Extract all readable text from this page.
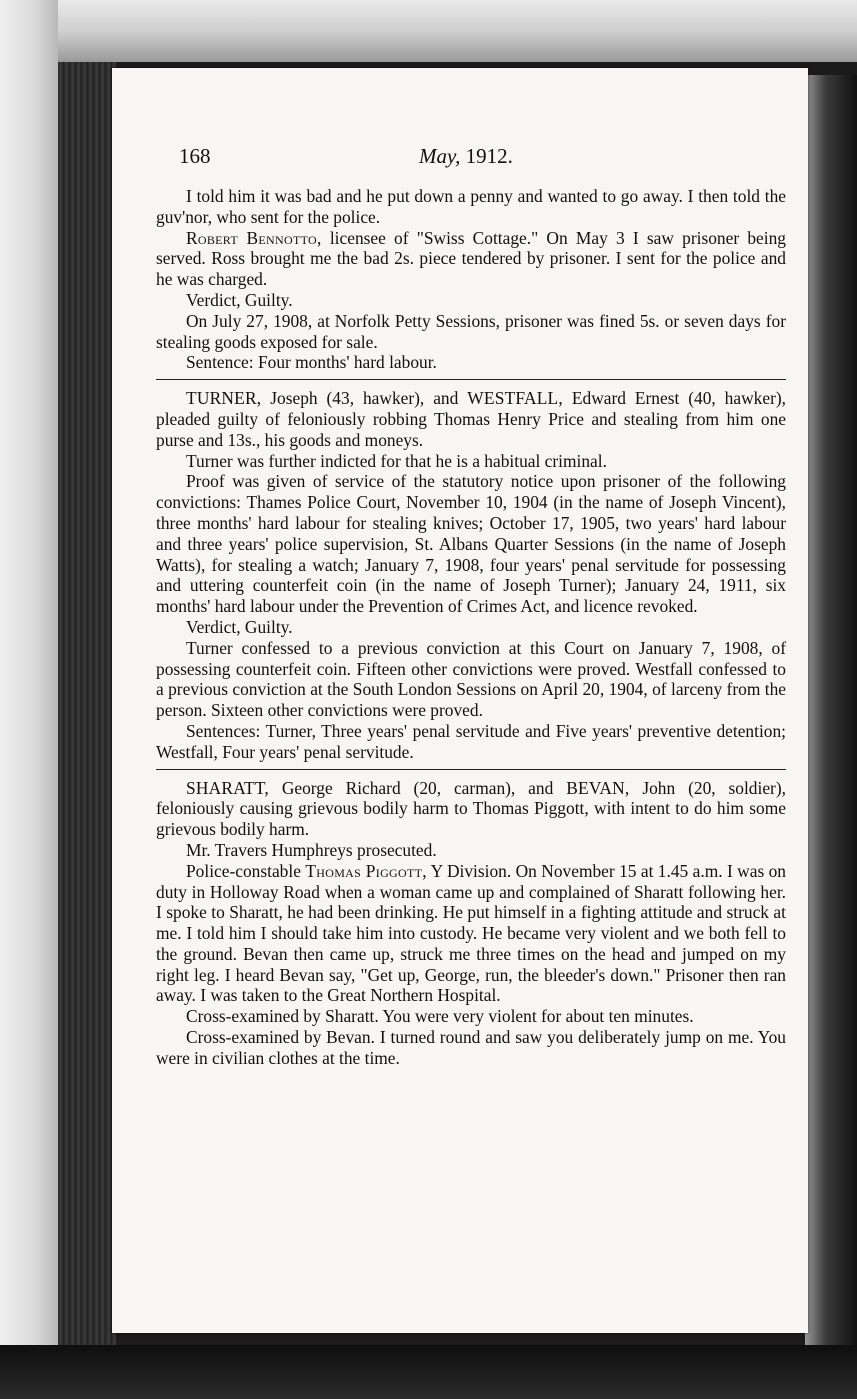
168	May, 1912.

I told him it was bad and he put down a penny and wanted to go away. I then told the guv'nor, who sent for the police.

Robert Bennotto, licensee of "Swiss Cottage." On May 3 I saw prisoner being served. Ross brought me the bad 2s. piece tendered by prisoner. I sent for the police and he was charged.

Verdict, Guilty.

On July 27, 1908, at Norfolk Petty Sessions, prisoner was fined 5s. or seven days for stealing goods exposed for sale.

Sentence: Four months' hard labour.

TURNER, Joseph (43, hawker), and WESTFALL, Edward Ernest (40, hawker), pleaded guilty of feloniously robbing Thomas Henry Price and stealing from him one purse and 13s., his goods and moneys.

Turner was further indicted for that he is a habitual criminal.

Proof was given of service of the statutory notice upon prisoner of the following convictions: Thames Police Court, November 10, 1904 (in the name of Joseph Vincent), three months' hard labour for stealing knives; October 17, 1905, two years' hard labour and three years' police supervision, St. Albans Quarter Sessions (in the name of Joseph Watts), for stealing a watch; January 7, 1908, four years' penal servitude for possessing and uttering counterfeit coin (in the name of Joseph Turner); January 24, 1911, six months' hard labour under the Prevention of Crimes Act, and licence revoked.

Verdict, Guilty.

Turner confessed to a previous conviction at this Court on January 7, 1908, of possessing counterfeit coin. Fifteen other convictions were proved. Westfall confessed to a previous conviction at the South London Sessions on April 20, 1904, of larceny from the person. Sixteen other convictions were proved.

Sentences: Turner, Three years' penal servitude and Five years' preventive detention; Westfall, Four years' penal servitude.

SHARATT, George Richard (20, carman), and BEVAN, John (20, soldier), feloniously causing grievous bodily harm to Thomas Piggott, with intent to do him some grievous bodily harm.

Mr. Travers Humphreys prosecuted.

Police-constable Thomas Piggott, Y Division. On November 15 at 1.45 a.m. I was on duty in Holloway Road when a woman came up and complained of Sharatt following her. I spoke to Sharatt, he had been drinking. He put himself in a fighting attitude and struck at me. I told him I should take him into custody. He became very violent and we both fell to the ground. Bevan then came up, struck me three times on the head and jumped on my right leg. I heard Bevan say, "Get up, George, run, the bleeder's down." Prisoner then ran away. I was taken to the Great Northern Hospital.

Cross-examined by Sharatt. You were very violent for about ten minutes.

Cross-examined by Bevan. I turned round and saw you deliberately jump on me. You were in civilian clothes at the time.
